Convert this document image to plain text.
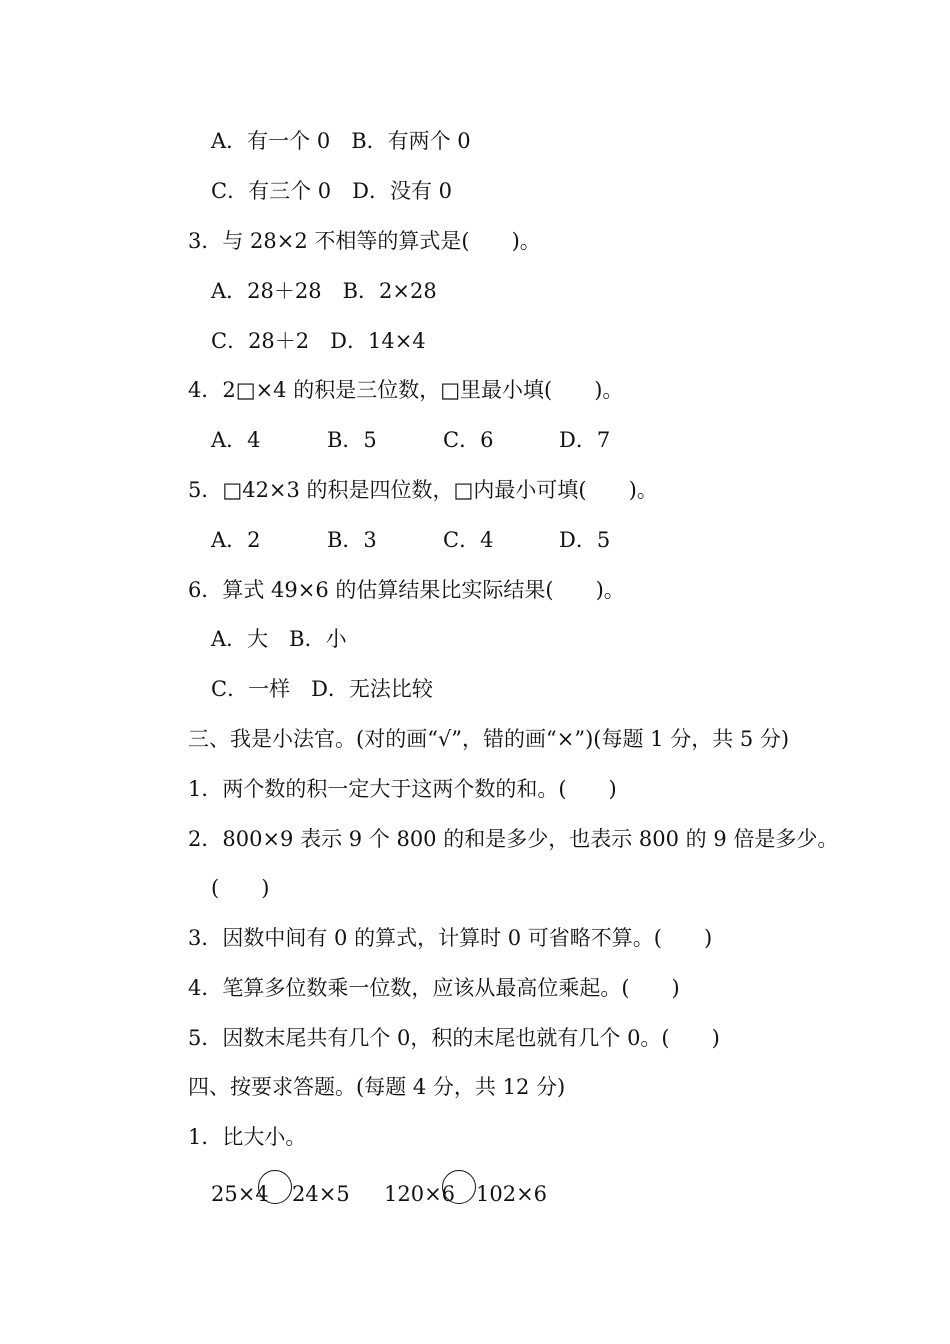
A．有一个 0　B．有两个 0
C．有三个 0　D．没有 0
3．与 28×2 不相等的算式是(　　)。
A．28＋28　B．2×28
C．28＋2　D．14×4
4．2□×4 的积是三位数，□里最小填(　　)。

A．4

	B．5

	C．6

	D．7

5．□42×3 的积是四位数，□内最小可填(　　)。

A．2

	B．3

	C．4

	D．5

6．算式 49×6 的估算结果比实际结果(　　)。
A．大　B．小
C．一样　D．无法比较
三、我是小法官。(对的画“√”，错的画“×”)(每题 1 分，共 5 分)
1．两个数的积一定大于这两个数的和。(　　)
2．800×9 表示 9 个 800 的和是多少，也表示 800 的 9 倍是多少。
(　　)
3．因数中间有 0 的算式，计算时 0 可省略不算。(　　)
4．笔算多位数乘一位数，应该从最高位乘起。(　　)
5．因数末尾共有几个 0，积的末尾也就有几个 0。(　　)
四、按要求答题。(每题 4 分，共 12 分)
1．比大小。
25×4 24×5 120×6 102×6
